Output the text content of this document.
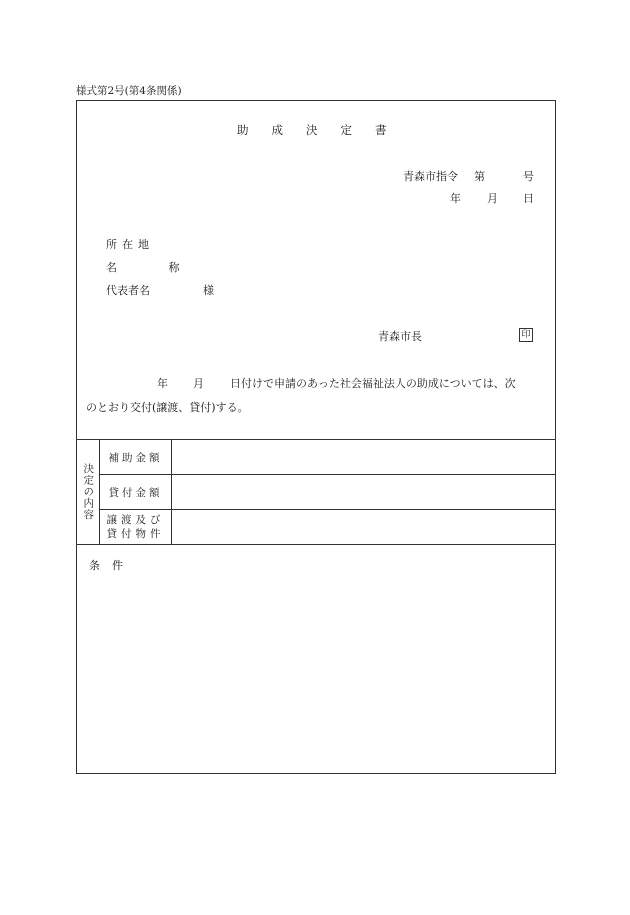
様式第2号(第4条関係)
助成決定書
青森市指令 第	号
年 月 日
所在地
名 称
代表者名	様
青森市長	印
年 月 日付けで申請のあった社会福祉法人の助成については、次
のとおり交付(譲渡、貸付)する。
決定の内容
補助金額
貸付金額
譲渡及び
貸付物件
条件
